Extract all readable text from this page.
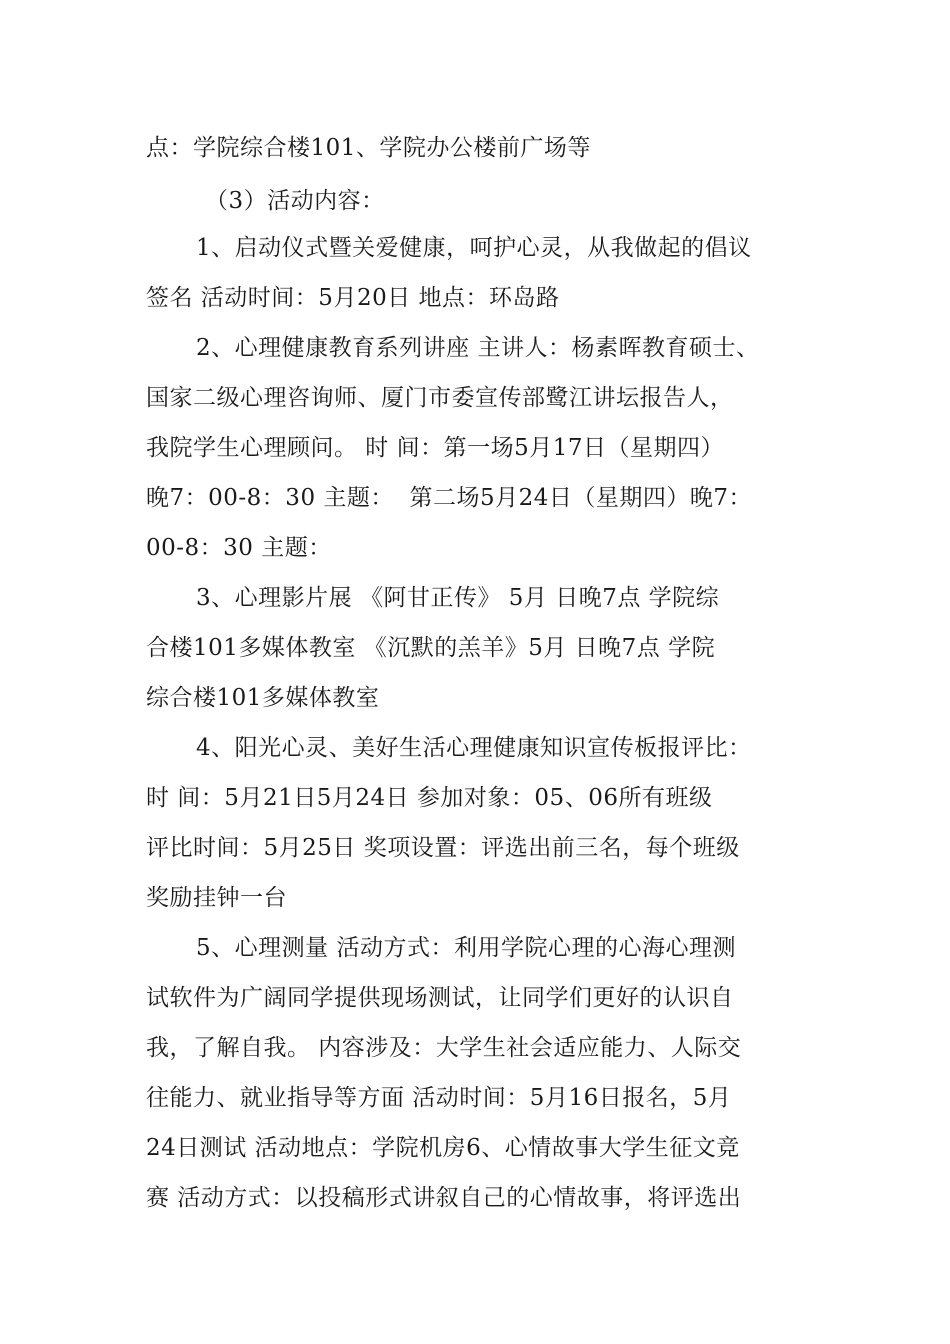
点：学院综合楼101、学院办公楼前广场等
（3）活动内容：
1、启动仪式暨关爱健康，呵护心灵，从我做起的倡议
签名 活动时间：5月20日 地点：环岛路
2、心理健康教育系列讲座 主讲人：杨素晖教育硕士、
国家二级心理咨询师、厦门市委宣传部鹭江讲坛报告人，
我院学生心理顾问。 时 间：第一场5月17日（星期四）
晚7：00-8：30 主题：  第二场5月24日（星期四）晚7：
00-8：30 主题：
3、心理影片展 《阿甘正传》 5月 日晚7点 学院综
合楼101多媒体教室 《沉默的羔羊》5月 日晚7点 学院
综合楼101多媒体教室
4、阳光心灵、美好生活心理健康知识宣传板报评比：
时 间：5月21日5月24日 参加对象：05、06所有班级
评比时间：5月25日 奖项设置：评选出前三名，每个班级
奖励挂钟一台
5、心理测量 活动方式：利用学院心理的心海心理测
试软件为广阔同学提供现场测试，让同学们更好的认识自
我，了解自我。 内容涉及：大学生社会适应能力、人际交
往能力、就业指导等方面 活动时间：5月16日报名，5月
24日测试 活动地点：学院机房6、心情故事大学生征文竞
赛 活动方式：以投稿形式讲叙自己的心情故事，将评选出
